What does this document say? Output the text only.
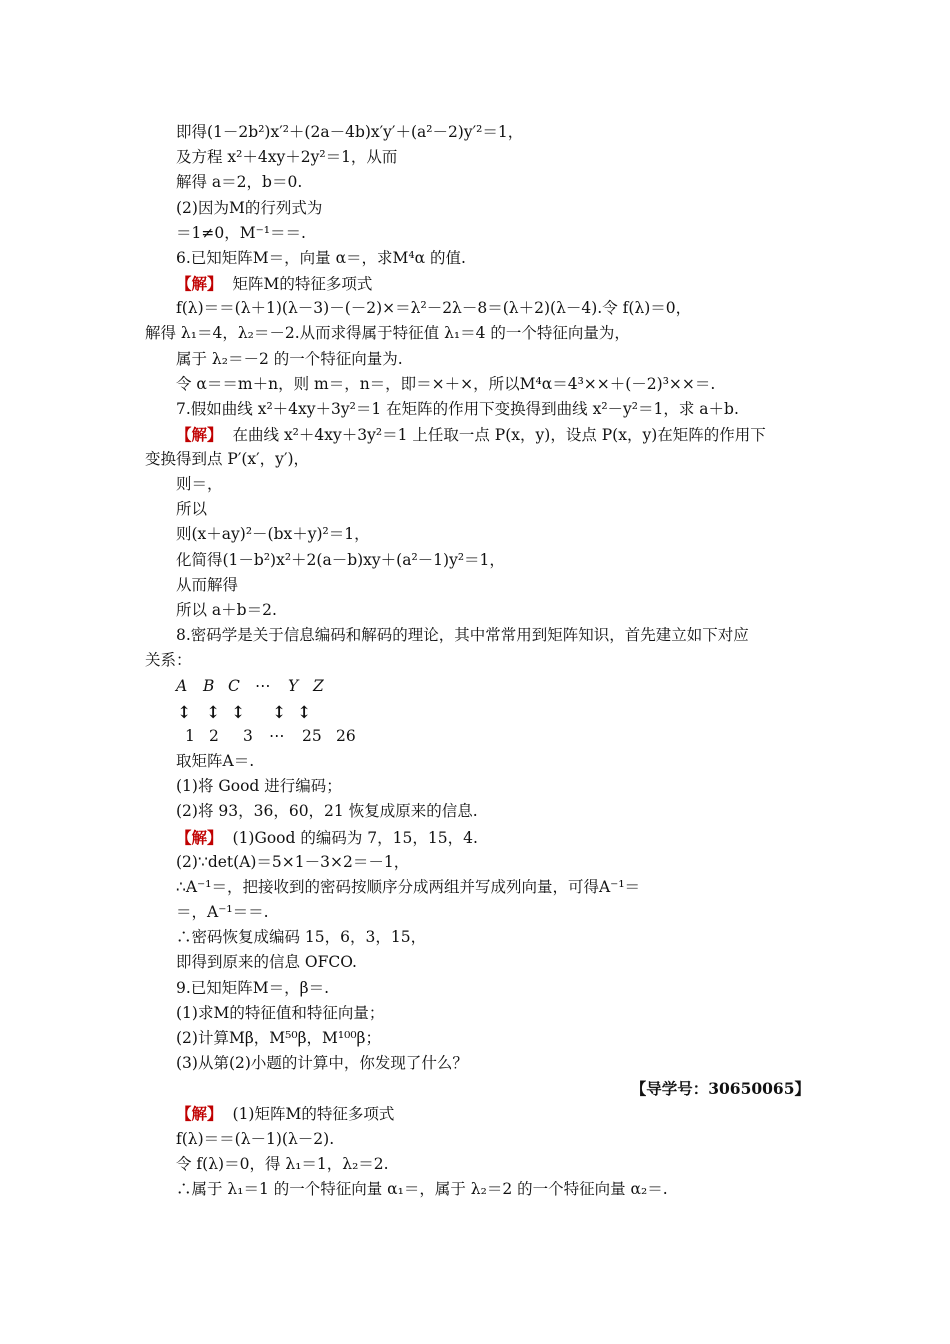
即得(1－2b²)x′²＋(2a－4b)x′y′＋(a²－2)y′²＝1，
及方程 x²＋4xy＋2y²＝1，从而
解得 a＝2，b＝0.
(2)因为M的行列式为
＝1≠0，M⁻¹＝＝.
6.已知矩阵M＝，向量 α＝，求M⁴α 的值.
【解】 矩阵M的特征多项式
f(λ)＝＝(λ＋1)(λ－3)－(－2)×＝λ²－2λ－8＝(λ＋2)(λ－4).令 f(λ)＝0，
解得 λ₁＝4，λ₂＝－2.从而求得属于特征值 λ₁＝4 的一个特征向量为，
属于 λ₂＝－2 的一个特征向量为.
令 α＝＝m＋n，则 m＝，n＝，即＝×＋×，所以M⁴α＝4³××＋(－2)³××＝.
7.假如曲线 x²＋4xy＋3y²＝1 在矩阵的作用下变换得到曲线 x²－y²＝1，求 a＋b.
【解】 在曲线 x²＋4xy＋3y²＝1 上任取一点 P(x，y)，设点 P(x，y)在矩阵的作用下
变换得到点 P′(x′，y′)，
则＝，
所以
则(x＋ay)²－(bx＋y)²＝1，
化简得(1－b²)x²＋2(a－b)xy＋(a²－1)y²＝1，
从而解得
所以 a＋b＝2.
8.密码学是关于信息编码和解码的理论，其中常常用到矩阵知识，首先建立如下对应
关系：
A B C ⋯ Y Z
↕ ↕ ↕ ↕ ↕
1 2 3 ⋯ 25 26
取矩阵A＝.
(1)将 Good 进行编码；
(2)将 93，36，60，21 恢复成原来的信息.
【解】 (1)Good 的编码为 7，15，15，4.
(2)∵det(A)＝5×1－3×2＝－1，
∴A⁻¹＝，把接收到的密码按顺序分成两组并写成列向量，可得A⁻¹＝
＝，A⁻¹＝＝.
∴密码恢复成编码 15，6，3，15，
即得到原来的信息 OFCO.
9.已知矩阵M＝，β＝.
(1)求M的特征值和特征向量；
(2)计算Mβ，M⁵⁰β，M¹⁰⁰β；
(3)从第(2)小题的计算中，你发现了什么？
【导学号：30650065】
【解】 (1)矩阵M的特征多项式
f(λ)＝＝(λ－1)(λ－2).
令 f(λ)＝0，得 λ₁＝1，λ₂＝2.
∴属于 λ₁＝1 的一个特征向量 α₁＝，属于 λ₂＝2 的一个特征向量 α₂＝.
